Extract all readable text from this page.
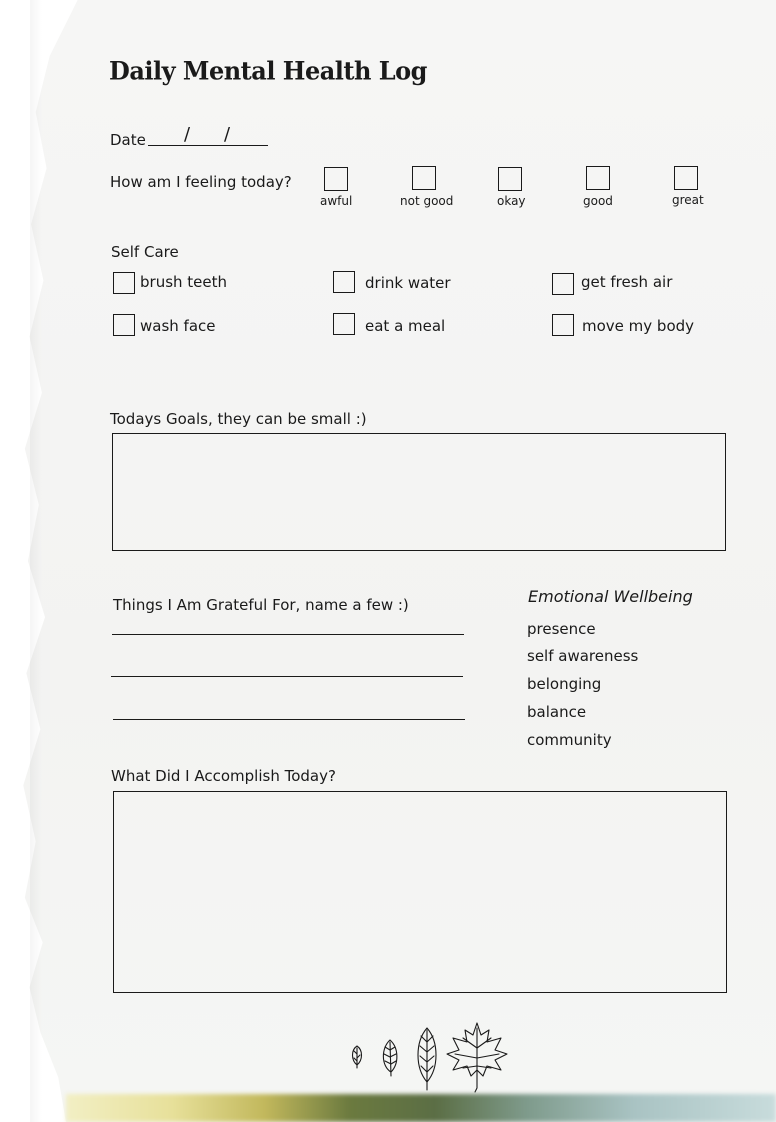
Daily Mental Health Log
Date / /
How am I feeling today?
awful	not good	okay	good	great
Self Care
brush teeth	drink water	get fresh air
wash face	eat a meal	move my body
Todays Goals, they can be small :)
Things I Am Grateful For, name a few :)	Emotional Wellbeing
presence
self awareness
belonging
balance
community
What Did I Accomplish Today?
